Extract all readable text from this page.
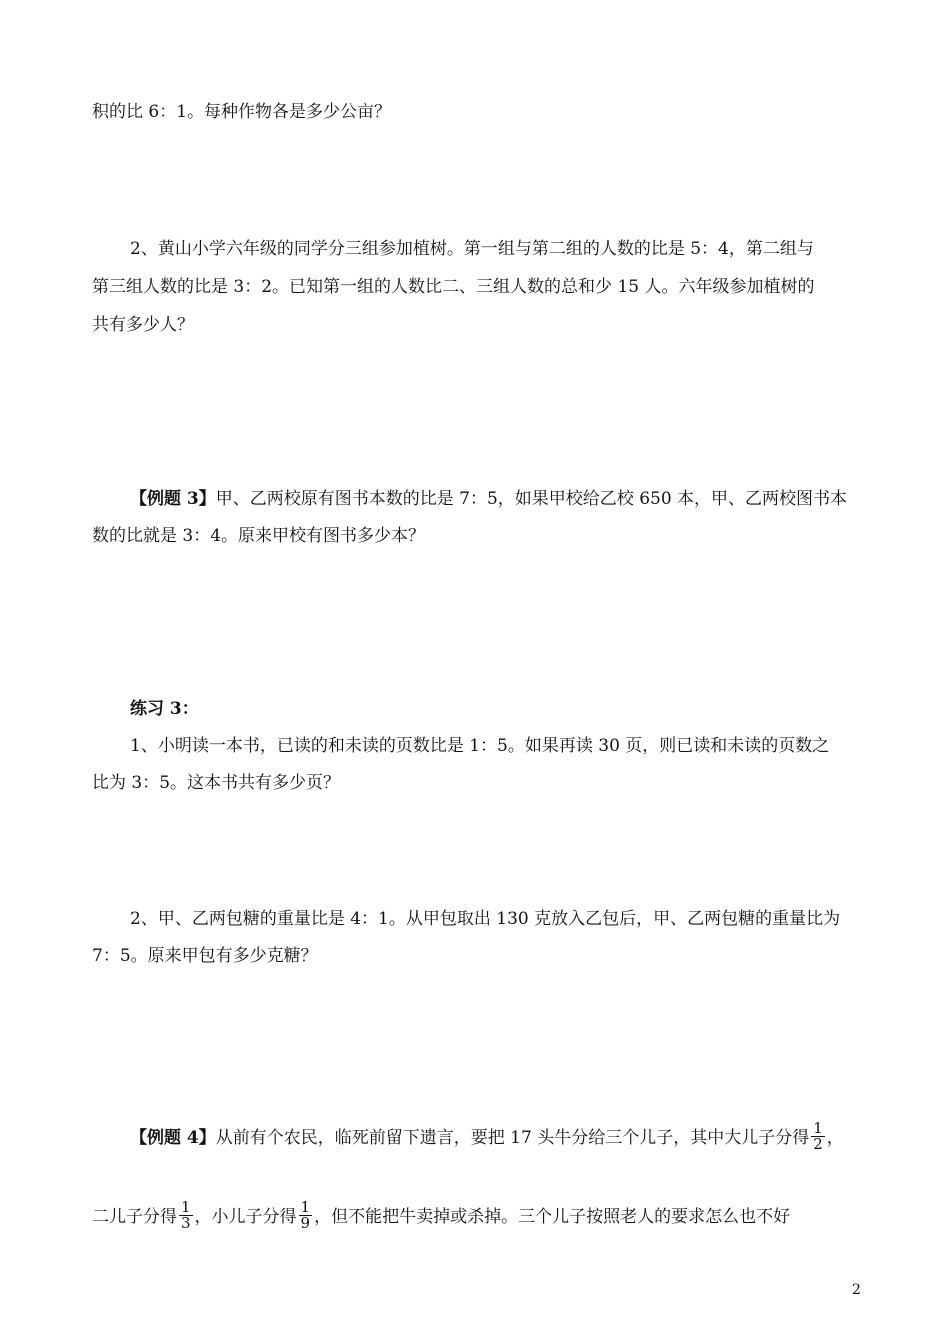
积的比 6：1。每种作物各是多少公亩？
2、黄山小学六年级的同学分三组参加植树。第一组与第二组的人数的比是 5：4，第二组与
第三组人数的比是 3：2。已知第一组的人数比二、三组人数的总和少 15 人。六年级参加植树的
共有多少人？
【例题 3】甲、乙两校原有图书本数的比是 7：5，如果甲校给乙校 650 本，甲、乙两校图书本
数的比就是 3：4。原来甲校有图书多少本？
练习 3：
1、小明读一本书，已读的和未读的页数比是 1：5。如果再读 30 页，则已读和未读的页数之
比为 3：5。这本书共有多少页？
2、甲、乙两包糖的重量比是 4：1。从甲包取出 130 克放入乙包后，甲、乙两包糖的重量比为
7：5。原来甲包有多少克糖？
【例题 4】从前有个农民，临死前留下遗言，要把 17 头牛分给三个儿子，其中大儿子分得 $\frac{1}{2}$ ，
二儿子分得 $\frac{1}{3}$ ，小儿子分得 $\frac{1}{9}$ ，但不能把牛卖掉或杀掉。三个儿子按照老人的要求怎么也不好
2
